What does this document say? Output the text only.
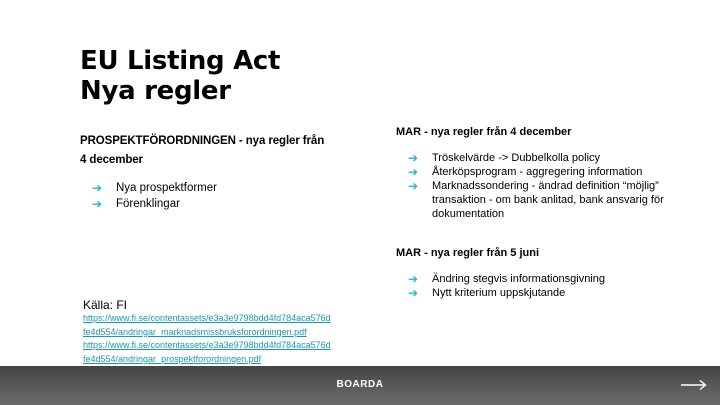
EU Listing Act
Nya regler
PROSPEKTFÖRORDNINGEN - nya regler från
4 december
➔ Nya prospektformer
➔ Förenklingar
MAR - nya regler från 4 december
➔ Tröskelvärde -> Dubbelkolla policy
➔ Återköpsprogram - aggregering information
➔ Marknadssondering - ändrad definition “möjlig” transaktion - om bank anlitad, bank ansvarig för dokumentation
MAR - nya regler från 5 juni
➔ Ändring stegvis informationsgivning
➔ Nytt kriterium uppskjutande
Källa: FI
https://www.fi.se/contentassets/e3a3e9798bdd4fd784aca576d
fe4d554/andringar_marknadsmissbruksforordningen.pdf
https://www.fi.se/contentassets/e3a3e9798bdd4fd784aca576d
fe4d554/andringar_prospektforordningen.pdf
BOARDA
